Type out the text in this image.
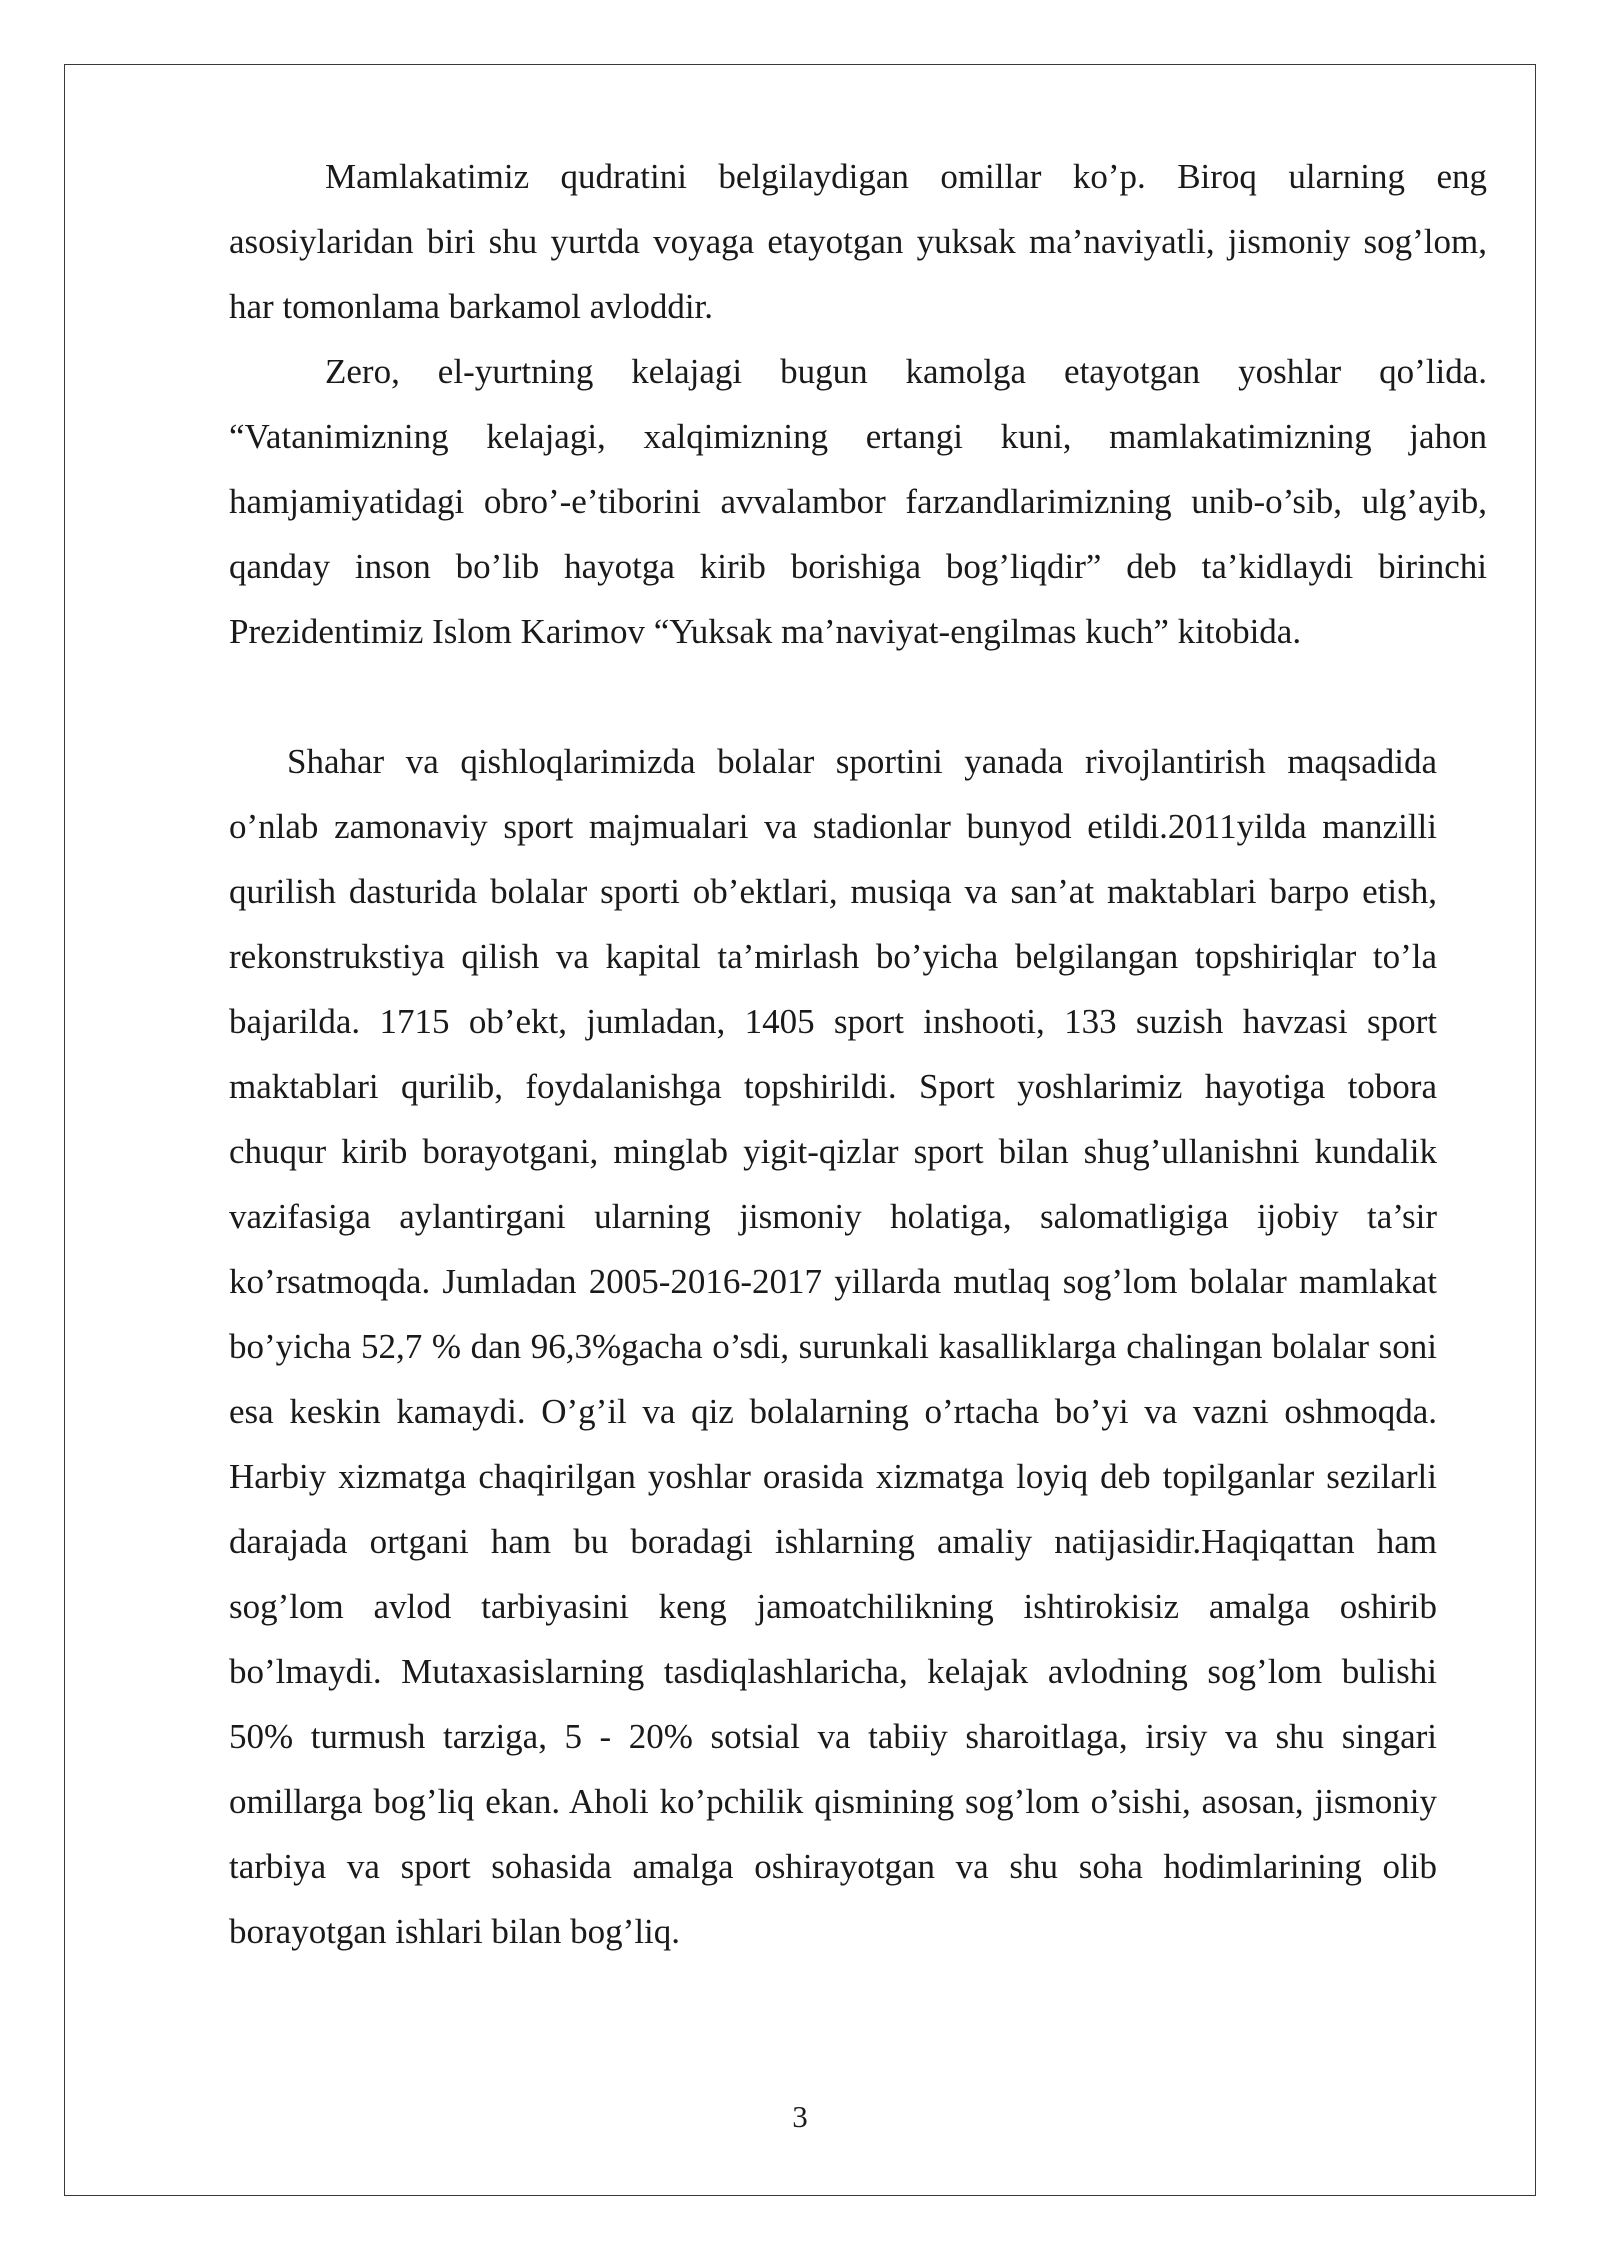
Mamlakatimiz qudratini belgilaydigan omillar ko’p. Biroq ularning eng asosiylaridan biri shu yurtda voyaga etayotgan yuksak ma’naviyatli, jismoniy sog’lom, har tomonlama barkamol avloddir.

Zero, el-yurtning kelajagi bugun kamolga etayotgan yoshlar qo’lida. “Vatanimizning kelajagi, xalqimizning ertangi kuni, mamlakatimizning jahon hamjamiyatidagi obro’-e’tiborini avvalambor farzandlarimizning unib-o’sib, ulg’ayib, qanday inson bo’lib hayotga kirib borishiga bog’liqdir” deb ta’kidlaydi birinchi Prezidentimiz Islom Karimov “Yuksak ma’naviyat-engilmas kuch” kitobida.

Shahar va qishloqlarimizda bolalar sportini yanada rivojlantirish maqsadida o’nlab zamonaviy sport majmualari va stadionlar bunyod etildi.2011yilda manzilli qurilish dasturida bolalar sporti ob’ektlari, musiqa va san’at maktablari barpo etish, rekonstrukstiya qilish va kapital ta’mirlash bo’yicha belgilangan topshiriqlar to’la bajarilda. 1715 ob’ekt, jumladan, 1405 sport inshooti, 133 suzish havzasi sport maktablari qurilib, foydalanishga topshirildi. Sport yoshlarimiz hayotiga tobora chuqur kirib borayotgani, minglab yigit-qizlar sport bilan shug’ullanishni kundalik vazifasiga aylantirgani ularning jismoniy holatiga, salomatligiga ijobiy ta’sir ko’rsatmoqda. Jumladan 2005-2016-2017 yillarda mutlaq sog’lom bolalar mamlakat bo’yicha 52,7 % dan 96,3%gacha o’sdi, surunkali kasalliklarga chalingan bolalar soni esa keskin kamaydi. O’g’il va qiz bolalarning o’rtacha bo’yi va vazni oshmoqda. Harbiy xizmatga chaqirilgan yoshlar orasida xizmatga loyiq deb topilganlar sezilarli darajada ortgani ham bu boradagi ishlarning amaliy natijasidir.Haqiqattan ham sog’lom avlod tarbiyasini keng jamoatchilikning ishtirokisiz amalga oshirib bo’lmaydi. Mutaxasislarning tasdiqlashlaricha, kelajak avlodning sog’lom bulishi 50% turmush tarziga, 5 - 20% sotsial va tabiiy sharoitlaga, irsiy va shu singari omillarga bog’liq ekan. Aholi ko’pchilik qismining sog’lom o’sishi, asosan, jismoniy tarbiya va sport sohasida amalga oshirayotgan va shu soha hodimlarining olib borayotgan ishlari bilan bog’liq.

3
